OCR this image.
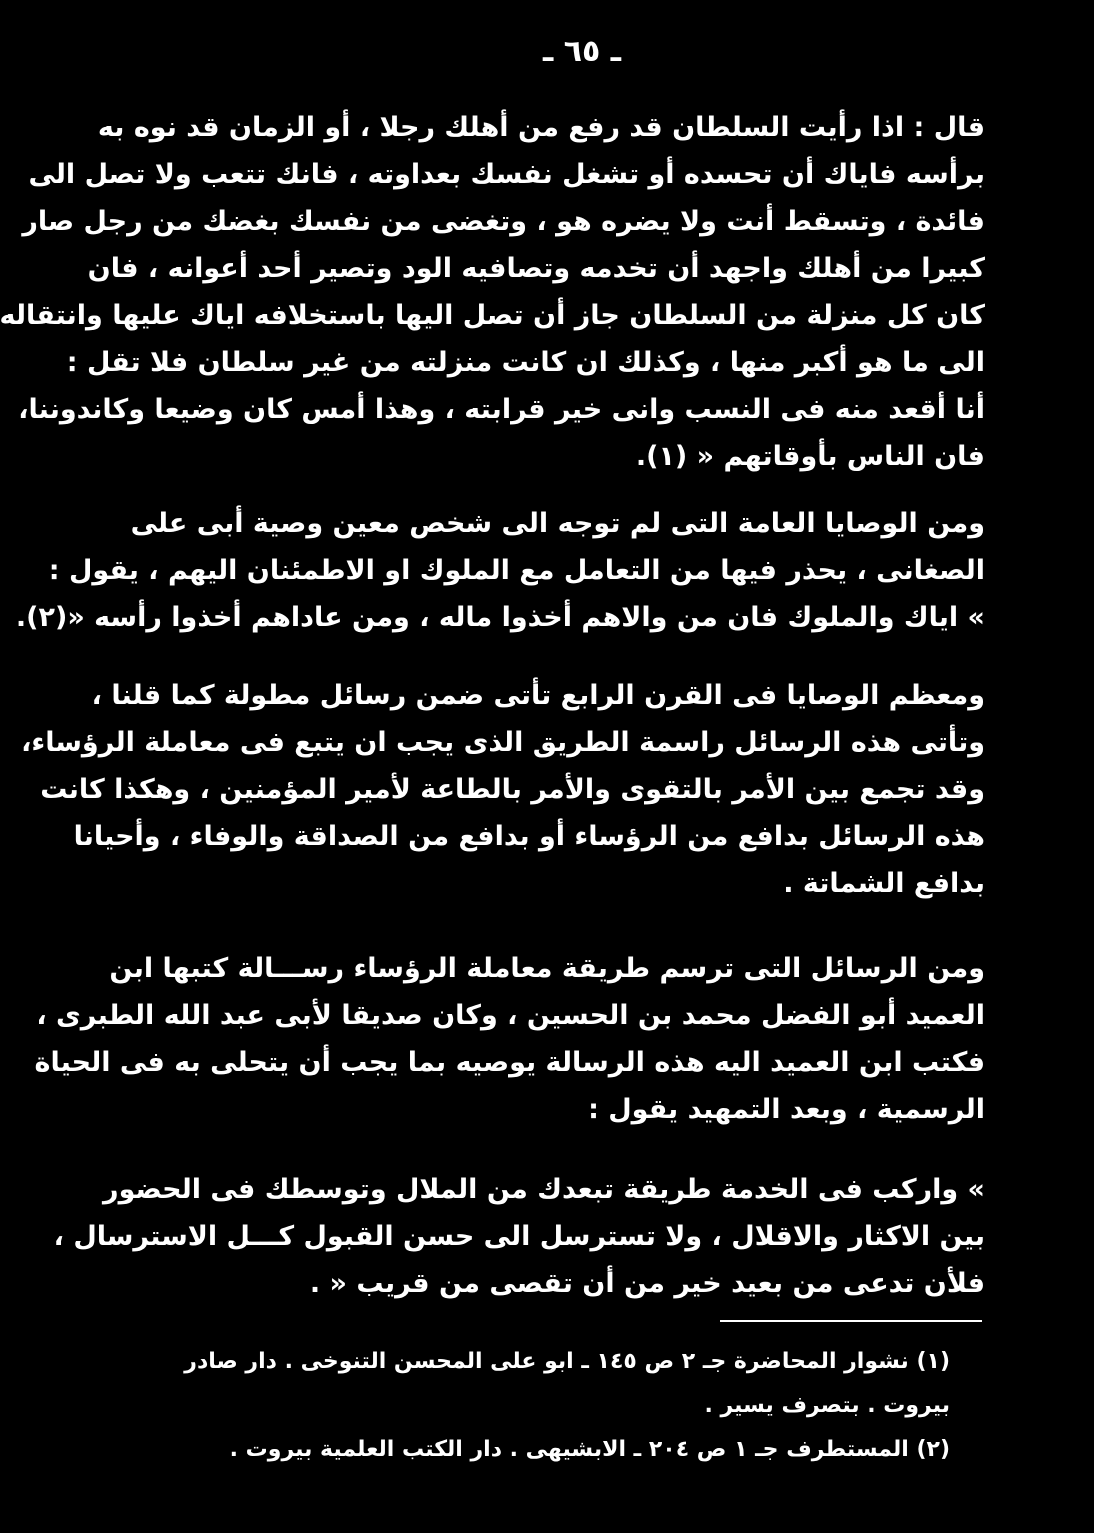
ـ ٦٥ ـ
قال : اذا رأيت السلطان قد رفع من أهلك رجلا ، أو الزمان قد نوه به
برأسه فاياك أن تحسده أو تشغل نفسك بعداوته ، فانك تتعب ولا تصل الى
فائدة ، وتسقط أنت ولا يضره هو ، وتغضى من نفسك بغضك من رجل صار
كبيرا من أهلك واجهد أن تخدمه وتصافيه الود وتصير أحد أعوانه ، فان
كان كل منزلة من السلطان جاز أن تصل اليها باستخلافه اياك عليها وانتقاله
الى ما هو أكبر منها ، وكذلك ان كانت منزلته من غير سلطان فلا تقل :
أنا أقعد منه فى النسب وانى خير قرابته ، وهذا أمس كان وضيعا وكاندوننا،
فان الناس بأوقاتهم « (١).
ومن الوصايا العامة التى لم توجه الى شخص معين وصية أبى على
الصغانى ، يحذر فيها من التعامل مع الملوك او الاطمئنان اليهم ، يقول :
» اياك والملوك فان من والاهم أخذوا ماله ، ومن عاداهم أخذوا رأسه «(٢).
ومعظم الوصايا فى القرن الرابع تأتى ضمن رسائل مطولة كما قلنا ،
وتأتى هذه الرسائل راسمة الطريق الذى يجب ان يتبع فى معاملة الرؤساء،
وقد تجمع بين الأمر بالتقوى والأمر بالطاعة لأمير المؤمنين ، وهكذا كانت
هذه الرسائل بدافع من الرؤساء أو بدافع من الصداقة والوفاء ، وأحيانا
بدافع الشماتة .
ومن الرسائل التى ترسم طريقة معاملة الرؤساء رســـالة كتبها ابن
العميد أبو الفضل محمد بن الحسين ، وكان صديقا لأبى عبد الله الطبرى ،
فكتب ابن العميد اليه هذه الرسالة يوصيه بما يجب أن يتحلى به فى الحياة
الرسمية ، وبعد التمهيد يقول :
» وارکب فى الخدمة طريقة تبعدك من الملال وتوسطك فى الحضور
بين الاكثار والاقلال ، ولا تسترسل الى حسن القبول كـــل الاسترسال ،
فلأن تدعى من بعيد خير من أن تقصى من قريب « .
(١) نشوار المحاضرة جـ ٢ ص ١٤٥ ـ ابو على المحسن التنوخى . دار صادر
بيروت . بتصرف يسير .
(٢) المستطرف جـ ١ ص ٢٠٤ ـ الابشيهى . دار الكتب العلمية بيروت .
